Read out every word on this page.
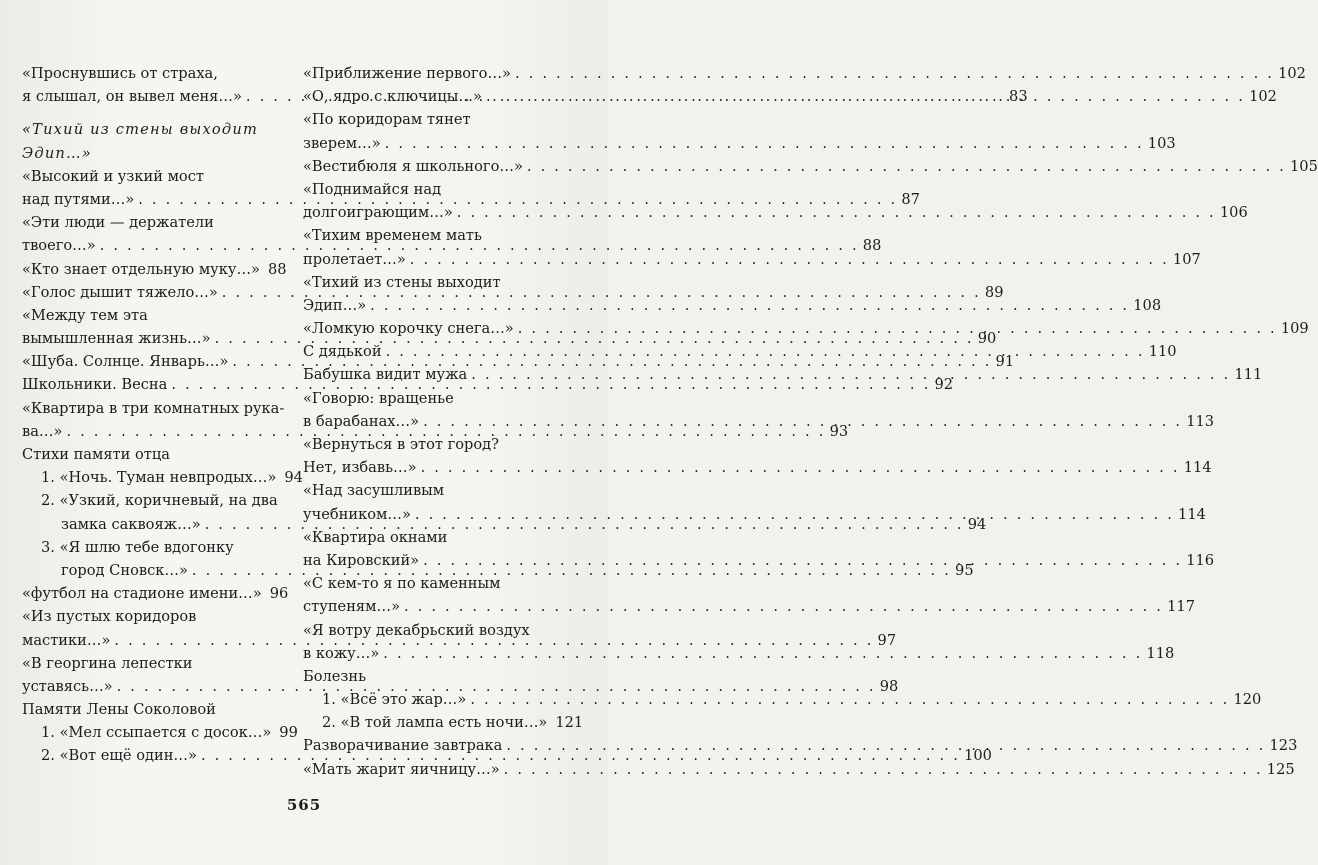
«Проснувшись от страха,
я слышал, он вывел меня…» . . .	83
«Тихий из стены выходит
Эдип…»
«Высокий и узкий мост
над путями…» . . .	87
«Эти люди — держатели
твоего…» . . .	88
«Кто знает отдельную муку…» 88
«Голос дышит тяжело…» . . .	89
«Между тем эта
вымышленная жизнь…» . . .	90
«Шуба. Солнце. Январь…» . . .	91
Школьники. Весна . . .	92
«Квартира в три комнатных рука-
ва…» . . .	93
Стихи памяти отца
1. «Ночь. Туман невпродых…» 94
2. «Узкий, коричневый, на два
замка саквояж…» . . .	94
3. «Я шлю тебе вдогонку
город Сновск…» . . .	95
«футбол на стадионе имени…» 96
«Из пустых коридоров
мастики…» . . .	97
«В георгина лепестки
уставясь…» . . .	98
Памяти Лены Соколовой
1. «Мел ссыпается с досок…» 99
2. «Вот ещё один…» . . .	100
«Приближение первого…» . . .	102
«О, ядро с ключицы…» . . .	102
«По коридорам тянет
зверем…» . . .	103
«Вестибюля я школьного…» . . .	105
«Поднимайся над
долгоиграющим…» . . .	106
«Тихим временем мать
пролетает…» . . .	107
«Тихий из стены выходит
Эдип…» . . .	108
«Ломкую корочку снега…» . . .	109
С дядькой . . .	110
Бабушка видит мужа . . .	111
«Говорю: вращенье
в барабанах…» . . .	113
«Вернуться в этот город?
Нет, избавь…» . . .	114
«Над засушливым
учебником…» . . .	114
«Квартира окнами
на Кировский» . . .	116
«С кем-то я по каменным
ступеням…» . . .	117
«Я вотру декабрьский воздух
в кожу…» . . .	118
Болезнь
1. «Всё это жар…» . . .	120
2. «В той лампа есть ночи…» 121
Разворачивание завтрака . . .	123
«Мать жарит яичницу…» . . .	125
565
